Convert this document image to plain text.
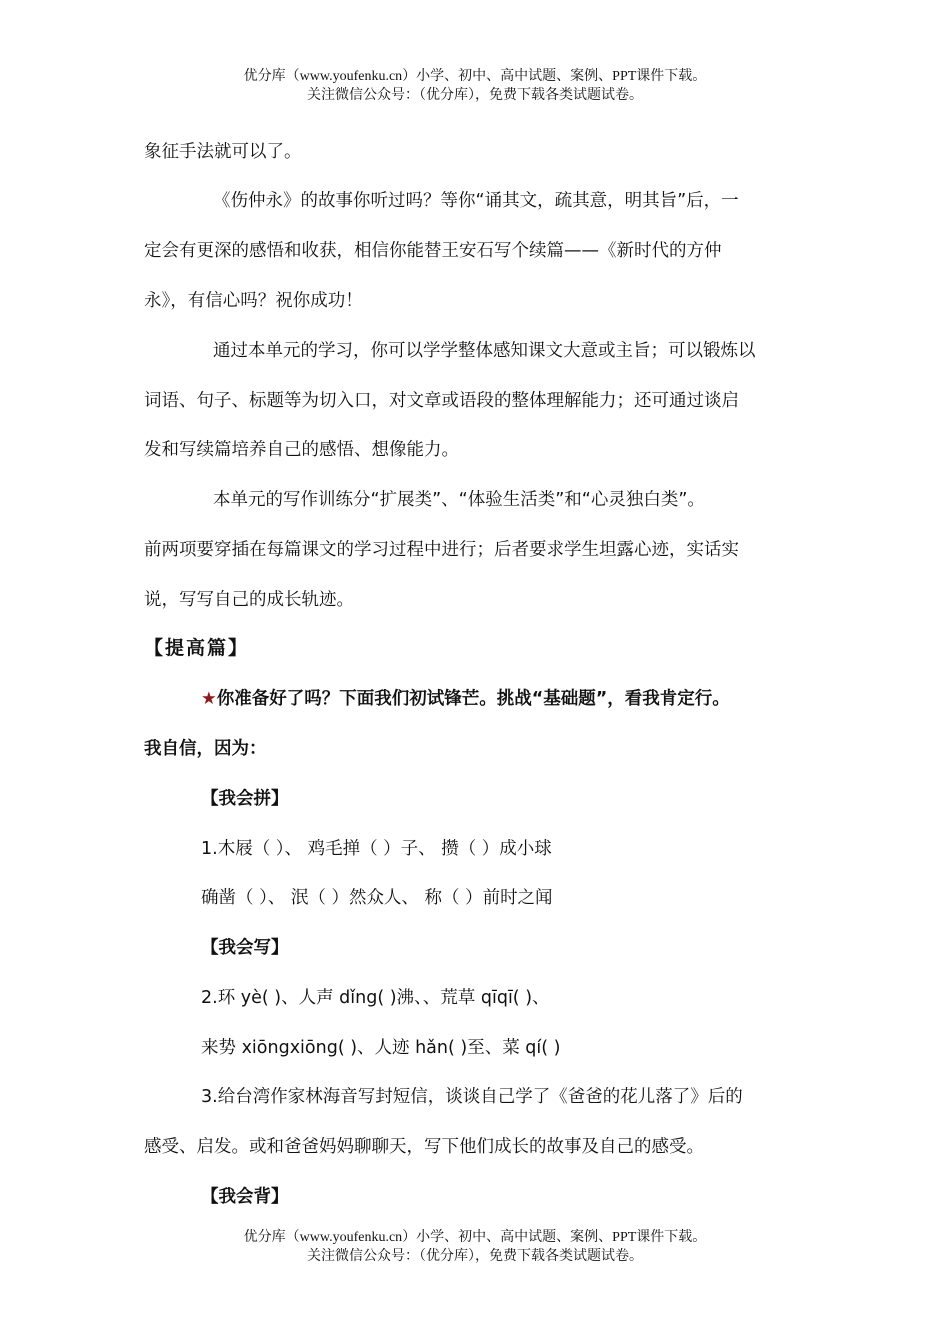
优分库（www.youfenku.cn）小学、初中、高中试题、案例、PPT课件下载。
关注微信公众号：（优分库），免费下载各类试题试卷。
象征手法就可以了。
《伤仲永》的故事你听过吗？等你“诵其文，疏其意，明其旨”后，一
定会有更深的感悟和收获，相信你能替王安石写个续篇——《新时代的方仲
永》，有信心吗？祝你成功！
通过本单元的学习，你可以学学整体感知课文大意或主旨；可以锻炼以
词语、句子、标题等为切入口，对文章或语段的整体理解能力；还可通过谈启
发和写续篇培养自己的感悟、想像能力。
本单元的写作训练分“扩展类”、“体验生活类”和“心灵独白类”。
前两项要穿插在每篇课文的学习过程中进行；后者要求学生坦露心迹，实话实
说，写写自己的成长轨迹。
【提高篇】
★你准备好了吗？下面我们初试锋芒。挑战“基础题”，看我肯定行。
我自信，因为：
【我会拼】
1.木屐（ ）、 鸡毛掸（ ）子、 攒（ ）成小球
确凿（ ）、 泯（ ）然众人、 称（ ）前时之闻
【我会写】
2.环 yè( )、人声 dǐng( )沸、、荒草 qīqī( )、
来势 xiōngxiōng( )、人迹 hǎn( )至、菜 qí( )
3.给台湾作家林海音写封短信，谈谈自己学了《爸爸的花儿落了》后的
感受、启发。或和爸爸妈妈聊聊天，写下他们成长的故事及自己的感受。
【我会背】
优分库（www.youfenku.cn）小学、初中、高中试题、案例、PPT课件下载。
关注微信公众号：（优分库），免费下载各类试题试卷。
